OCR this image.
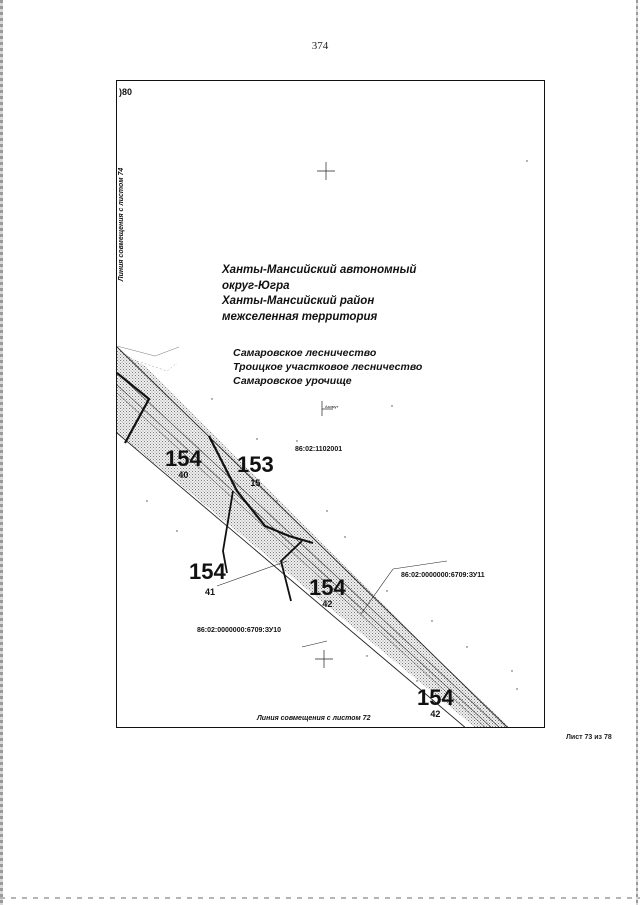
374
)80
Линия совмещения с листом 74	Ханты-Мансийский автономный
округ-Югра
Ханты-Мансийский район
межселенная территория
Самаровское лесничество
Троицкое участковое лесничество
Самаровское урочище
Азимут
86:02:1102001
154
40	153
15
154
41	154
42
154
42
86:02:0000000:6709:ЗУ11
86:02:0000000:6709:ЗУ10
Линия совмещения с листом 72
Лист 73 из 78
